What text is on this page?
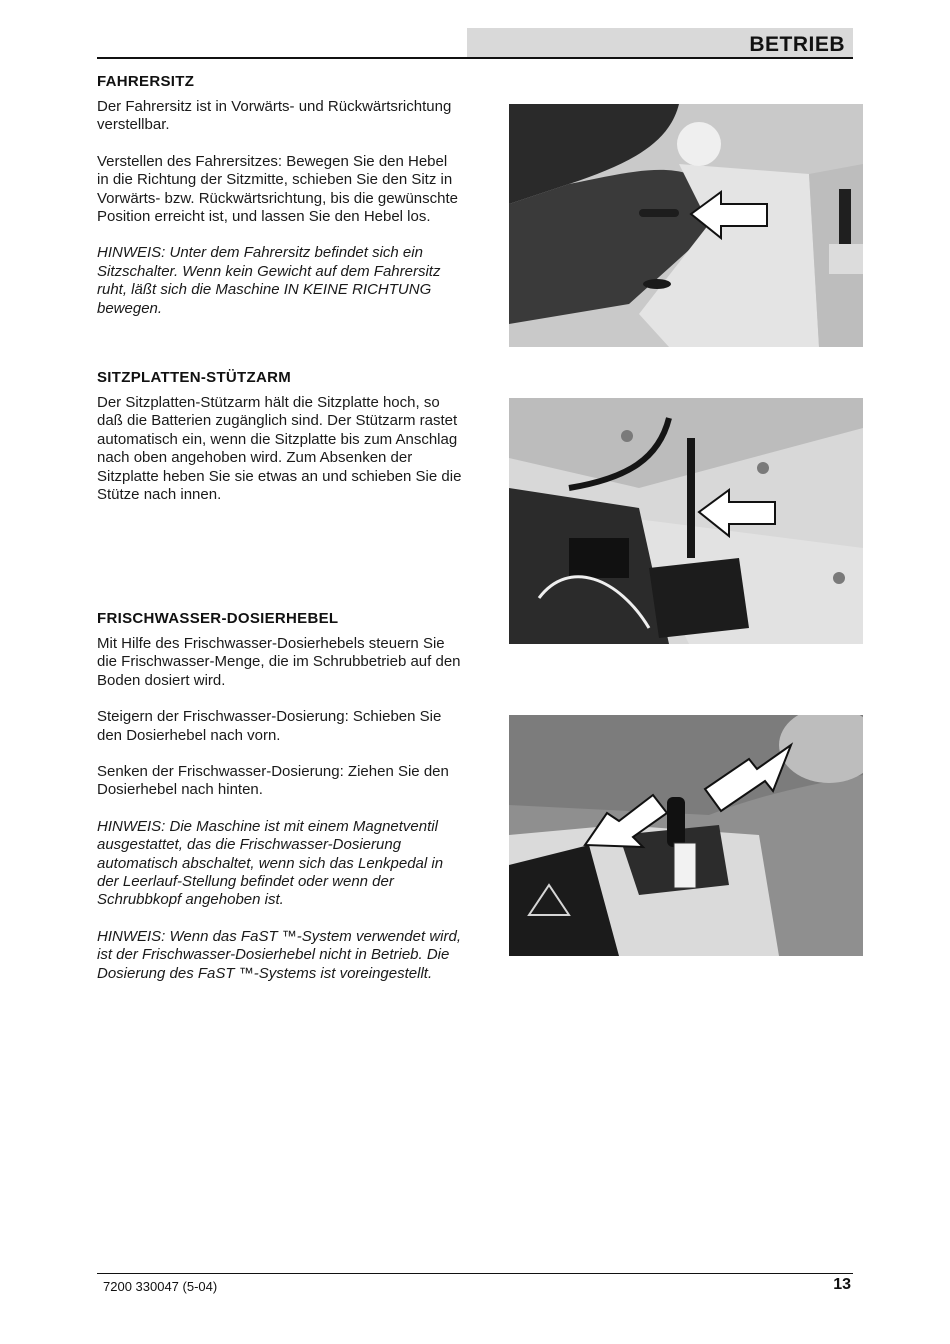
BETRIEB
FAHRERSITZ

Der Fahrersitz ist in Vorwärts- und Rückwärtsrichtung verstellbar.

Verstellen des Fahrersitzes: Bewegen Sie den Hebel in die Richtung der Sitzmitte, schieben Sie den Sitz in Vorwärts- bzw. Rückwärtsrichtung, bis die gewünschte Position erreicht ist, und lassen Sie den Hebel los.

HINWEIS: Unter dem Fahrersitz befindet sich ein Sitzschalter. Wenn kein Gewicht auf dem Fahrersitz ruht, läßt sich die Maschine IN KEINE RICHTUNG bewegen.

SITZPLATTEN-STÜTZARM

Der Sitzplatten-Stützarm hält die Sitzplatte hoch, so daß die Batterien zugänglich sind. Der Stützarm rastet automatisch ein, wenn die Sitzplatte bis zum Anschlag nach oben angehoben wird. Zum Absenken der Sitzplatte heben Sie sie etwas an und schieben Sie die Stütze nach innen.

FRISCHWASSER-DOSIERHEBEL

Mit Hilfe des Frischwasser-Dosierhebels steuern Sie die Frischwasser-Menge, die im Schrubbetrieb auf den Boden dosiert wird.

Steigern der Frischwasser-Dosierung: Schieben Sie den Dosierhebel nach vorn.

Senken der Frischwasser-Dosierung: Ziehen Sie den Dosierhebel nach hinten.

HINWEIS: Die Maschine ist mit einem Magnetventil ausgestattet, das die Frischwasser-Dosierung automatisch abschaltet, wenn sich das Lenkpedal in der Leerlauf-Stellung befindet oder wenn der Schrubbkopf angehoben ist.

HINWEIS: Wenn das FaST ™-System verwendet wird, ist der Frischwasser-Dosierhebel nicht in Betrieb. Die Dosierung des FaST ™-Systems ist voreingestellt.

7200 330047 (5-04)	13
